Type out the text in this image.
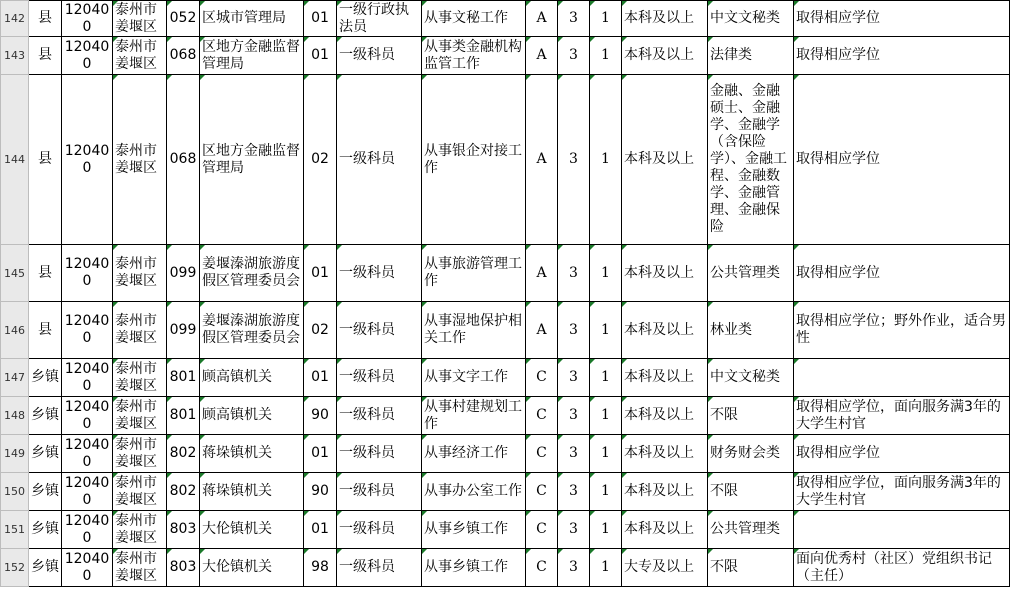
142	县	120400	泰州市姜堰区	052	区城市管理局	01	一级行政执法员	从事文秘工作	A	3	1	本科及以上	中文文秘类	取得相应学位
143	县	120400	泰州市姜堰区	068	区地方金融监督管理局	01	一级科员	从事类金融机构监管工作	A	3	1	本科及以上	法律类	取得相应学位
144	县	120400	泰州市姜堰区	068	区地方金融监督管理局	02	一级科员	从事银企对接工作	A	3	1	本科及以上	金融、金融硕士、金融学、金融学（含保险学）、金融工程、金融数学、金融管理、金融保险	取得相应学位
145	县	120400	泰州市姜堰区	099	姜堰溱湖旅游度假区管理委员会	01	一级科员	从事旅游管理工作	A	3	1	本科及以上	公共管理类	取得相应学位
146	县	120400	泰州市姜堰区	099	姜堰溱湖旅游度假区管理委员会	02	一级科员	从事湿地保护相关工作	A	3	1	本科及以上	林业类	取得相应学位；野外作业，适合男性
147	乡镇	120400	泰州市姜堰区	801	顾高镇机关	01	一级科员	从事文字工作	C	3	1	本科及以上	中文文秘类	
148	乡镇	120400	泰州市姜堰区	801	顾高镇机关	90	一级科员	从事村建规划工作	C	3	1	本科及以上	不限	取得相应学位，面向服务满3年的大学生村官
149	乡镇	120400	泰州市姜堰区	802	蒋垛镇机关	01	一级科员	从事经济工作	C	3	1	本科及以上	财务财会类	取得相应学位
150	乡镇	120400	泰州市姜堰区	802	蒋垛镇机关	90	一级科员	从事办公室工作	C	3	1	本科及以上	不限	取得相应学位，面向服务满3年的大学生村官
151	乡镇	120400	泰州市姜堰区	803	大伦镇机关	01	一级科员	从事乡镇工作	C	3	1	本科及以上	公共管理类	
152	乡镇	120400	泰州市姜堰区	803	大伦镇机关	98	一级科员	从事乡镇工作	C	3	1	大专及以上	不限	面向优秀村（社区）党组织书记（主任）
